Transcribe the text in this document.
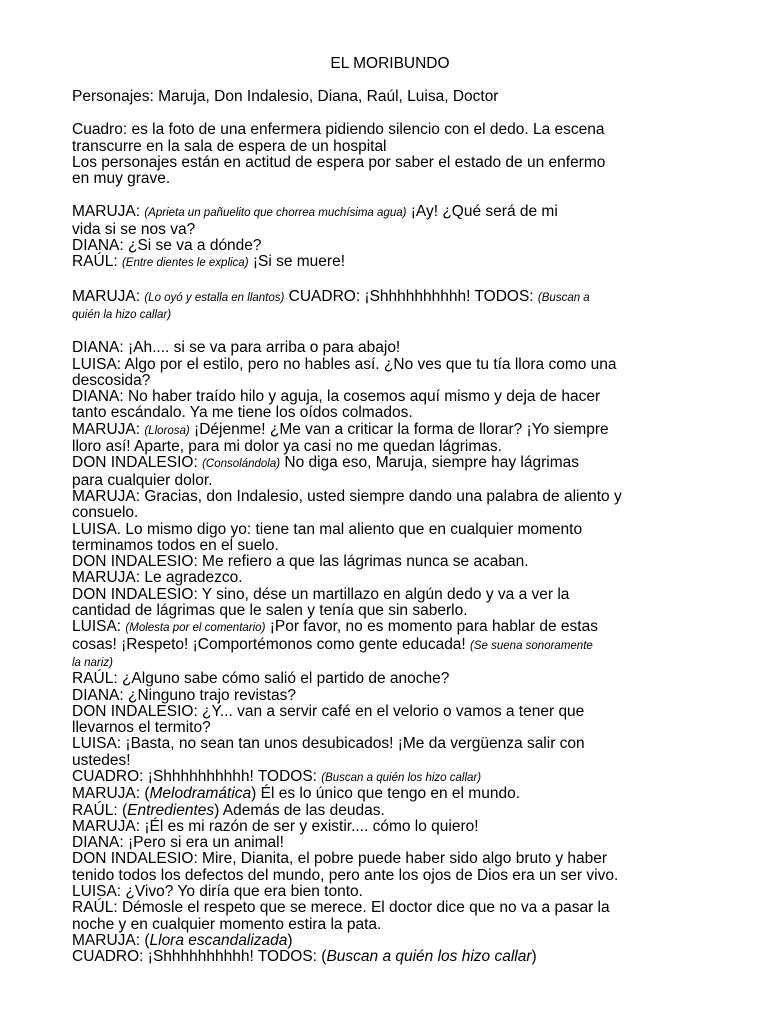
EL MORIBUNDO
Personajes: Maruja, Don Indalesio, Diana, Raúl, Luisa, Doctor
Cuadro: es la foto de una enfermera pidiendo silencio con el dedo. La escena
transcurre en la sala de espera de un hospital
Los personajes están en actitud de espera por saber el estado de un enfermo
en muy grave.
MARUJA: (Aprieta un pañuelito que chorrea muchísima agua) ¡Ay! ¿Qué será de mi
vida si se nos va?
DIANA: ¿Si se va a dónde?
RAÚL: (Entre dientes le explica) ¡Si se muere!
MARUJA: (Lo oyó y estalla en llantos) CUADRO: ¡Shhhhhhhhhh! TODOS: (Buscan a
quién la hizo callar)
DIANA: ¡Ah.... si se va para arriba o para abajo!
LUISA: Algo por el estilo, pero no hables así. ¿No ves que tu tía llora como una
descosida?
DIANA: No haber traído hilo y aguja, la cosemos aquí mismo y deja de hacer
tanto escándalo. Ya me tiene los oídos colmados.
MARUJA: (Llorosa) ¡Déjenme! ¿Me van a criticar la forma de llorar? ¡Yo siempre
lloro así! Aparte, para mi dolor ya casi no me quedan lágrimas.
DON INDALESIO: (Consolándola) No diga eso, Maruja, siempre hay lágrimas
para cualquier dolor.
MARUJA: Gracias, don Indalesio, usted siempre dando una palabra de aliento y
consuelo.
LUISA. Lo mismo digo yo: tiene tan mal aliento que en cualquier momento
terminamos todos en el suelo.
DON INDALESIO: Me refiero a que las lágrimas nunca se acaban.
MARUJA: Le agradezco.
DON INDALESIO: Y sino, dése un martillazo en algún dedo y va a ver la
cantidad de lágrimas que le salen y tenía que sin saberlo.
LUISA: (Molesta por el comentario) ¡Por favor, no es momento para hablar de estas
cosas! ¡Respeto! ¡Comportémonos como gente educada! (Se suena sonoramente
la nariz)
RAÚL: ¿Alguno sabe cómo salió el partido de anoche?
DIANA: ¿Ninguno trajo revistas?
DON INDALESIO: ¿Y... van a servir café en el velorio o vamos a tener que
llevarnos el termito?
LUISA: ¡Basta, no sean tan unos desubicados! ¡Me da vergüenza salir con
ustedes!
CUADRO: ¡Shhhhhhhhhh! TODOS: (Buscan a quién los hizo callar)
MARUJA: (Melodramática) Él es lo único que tengo en el mundo.
RAÚL: (Entredientes) Además de las deudas.
MARUJA: ¡Él es mi razón de ser y existir.... cómo lo quiero!
DIANA: ¡Pero si era un animal!
DON INDALESIO: Mire, Dianita, el pobre puede haber sido algo bruto y haber
tenido todos los defectos del mundo, pero ante los ojos de Dios era un ser vivo.
LUISA: ¿Vivo? Yo diría que era bien tonto.
RAÚL: Démosle el respeto que se merece. El doctor dice que no va a pasar la
noche y en cualquier momento estira la pata.
MARUJA: (Llora escandalizada)
CUADRO: ¡Shhhhhhhhhh! TODOS: (Buscan a quién los hizo callar)
